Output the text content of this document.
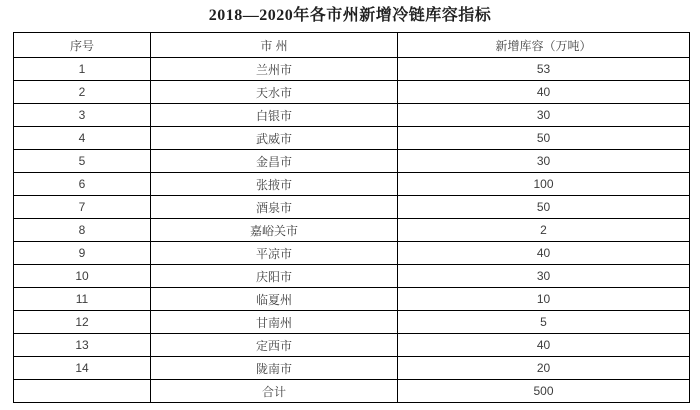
2018—2020年各市州新增冷链库容指标
序号	市 州	新增库容（万吨）
1	兰州市	53
2	天水市	40
3	白银市	30
4	武威市	50
5	金昌市	30
6	张掖市	100
7	酒泉市	50
8	嘉峪关市	2
9	平凉市	40
10	庆阳市	30
11	临夏州	10
12	甘南州	5
13	定西市	40
14	陇南市	20
	合计	500
